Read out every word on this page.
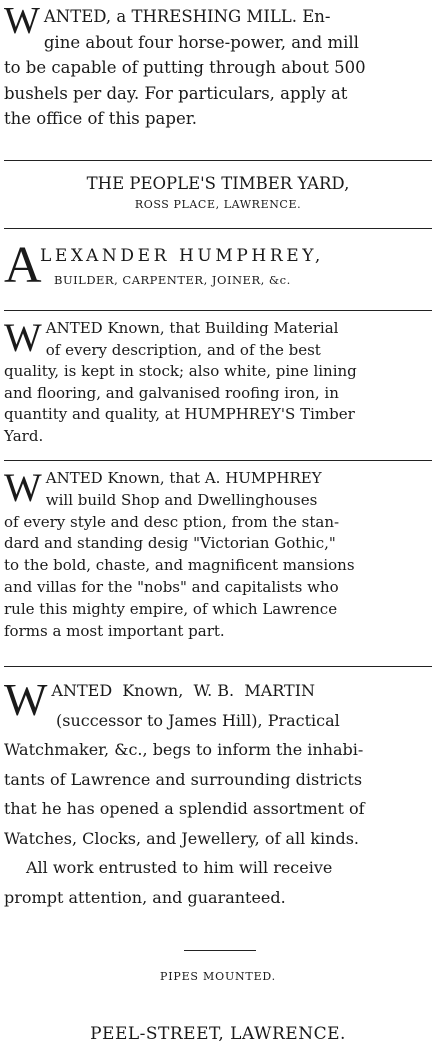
W ANTED, a THRESHING MILL. En-
gine about four horse-power, and mill
to be capable of putting through about 500
bushels per day. For particulars, apply at
the office of this paper.
THE PEOPLE'S TIMBER YARD,
ROSS PLACE, LAWRENCE.
A
LEXANDER HUMPHREY,
BUILDER, CARPENTER, JOINER, &c.
W ANTED Known, that Building Material
of every description, and of the best
quality, is kept in stock; also white, pine lining
and flooring, and galvanised roofing iron, in
quantity and quality, at HUMPHREY'S Timber
Yard.
W ANTED Known, that A. HUMPHREY
will build Shop and Dwellinghouses
of every style and desc ption, from the stan-
dard and standing desig "Victorian Gothic,"
to the bold, chaste, and magnificent mansions
and villas for the "nobs" and capitalists who
rule this mighty empire, of which Lawrence
forms a most important part.
W ANTED  Known,  W. B.  MARTIN
(successor to James Hill), Practical
Watchmaker, &c., begs to inform the inhabi-
tants of Lawrence and surrounding districts
that he has opened a splendid assortment of
Watches, Clocks, and Jewellery, of all kinds.
All work entrusted to him will receive
prompt attention, and guaranteed.
PIPES MOUNTED.
PEEL-STREET, LAWRENCE.
